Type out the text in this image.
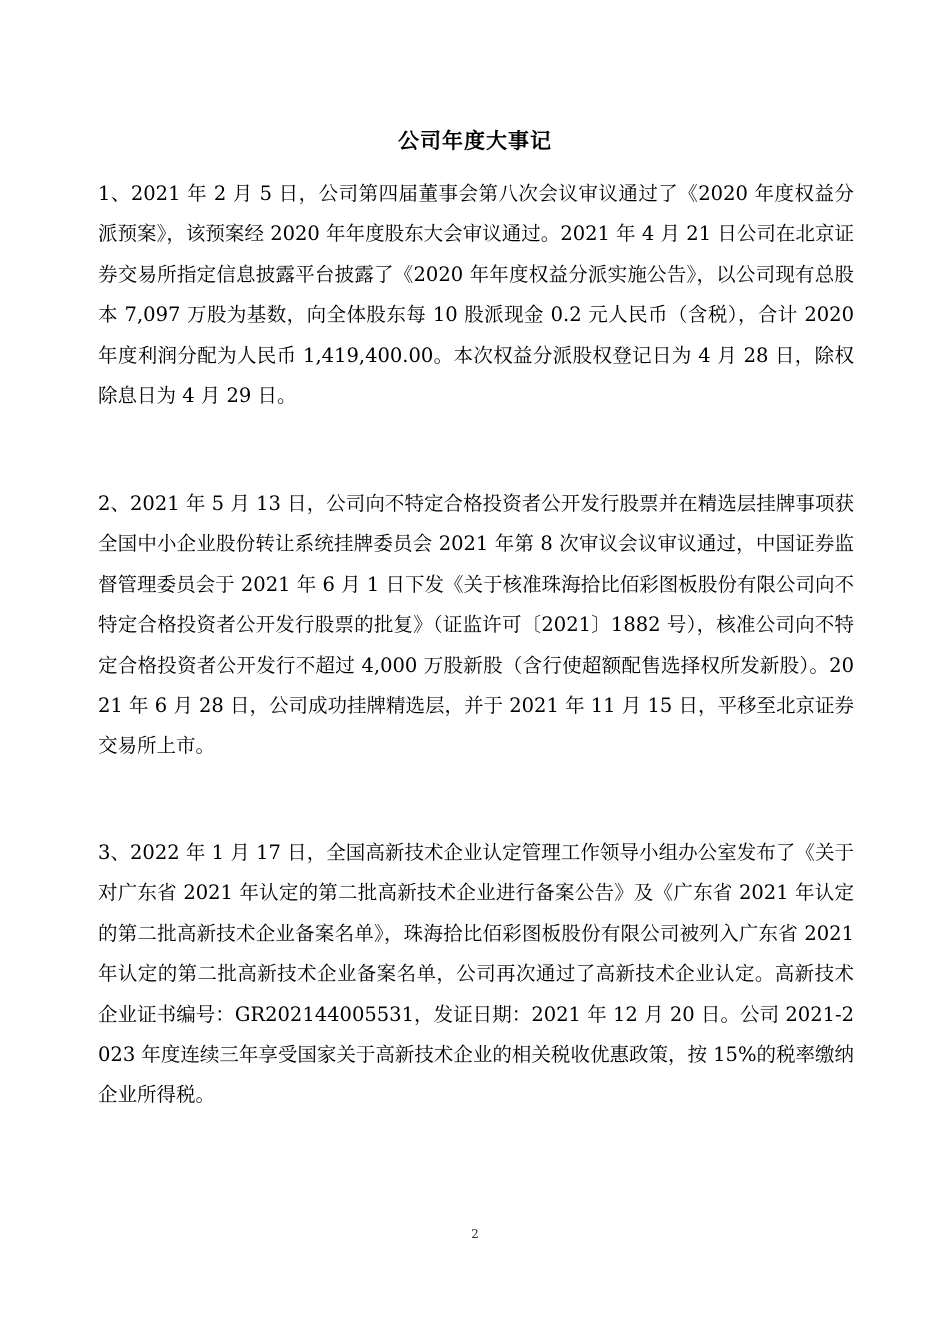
公司年度大事记

1、2021 年 2 月 5 日，公司第四届董事会第八次会议审议通过了《2020 年度权益分派预案》，该预案经 2020 年年度股东大会审议通过。2021 年 4 月 21 日公司在北京证券交易所指定信息披露平台披露了《2020 年年度权益分派实施公告》，以公司现有总股本 7,097 万股为基数，向全体股东每 10 股派现金 0.2 元人民币（含税），合计 2020 年度利润分配为人民币 1,419,400.00。本次权益分派股权登记日为 4 月 28 日，除权除息日为 4 月 29 日。

2、2021 年 5 月 13 日，公司向不特定合格投资者公开发行股票并在精选层挂牌事项获全国中小企业股份转让系统挂牌委员会 2021 年第 8 次审议会议审议通过，中国证券监督管理委员会于 2021 年 6 月 1 日下发《关于核准珠海拾比佰彩图板股份有限公司向不特定合格投资者公开发行股票的批复》（证监许可〔2021〕1882 号），核准公司向不特定合格投资者公开发行不超过 4,000 万股新股（含行使超额配售选择权所发新股）。2021 年 6 月 28 日，公司成功挂牌精选层，并于 2021 年 11 月 15 日，平移至北京证券交易所上市。

3、2022 年 1 月 17 日，全国高新技术企业认定管理工作领导小组办公室发布了《关于对广东省 2021 年认定的第二批高新技术企业进行备案公告》及《广东省 2021 年认定的第二批高新技术企业备案名单》，珠海拾比佰彩图板股份有限公司被列入广东省 2021 年认定的第二批高新技术企业备案名单，公司再次通过了高新技术企业认定。高新技术企业证书编号：GR202144005531，发证日期：2021 年 12 月 20 日。公司 2021-2023 年度连续三年享受国家关于高新技术企业的相关税收优惠政策，按 15%的税率缴纳企业所得税。

2
